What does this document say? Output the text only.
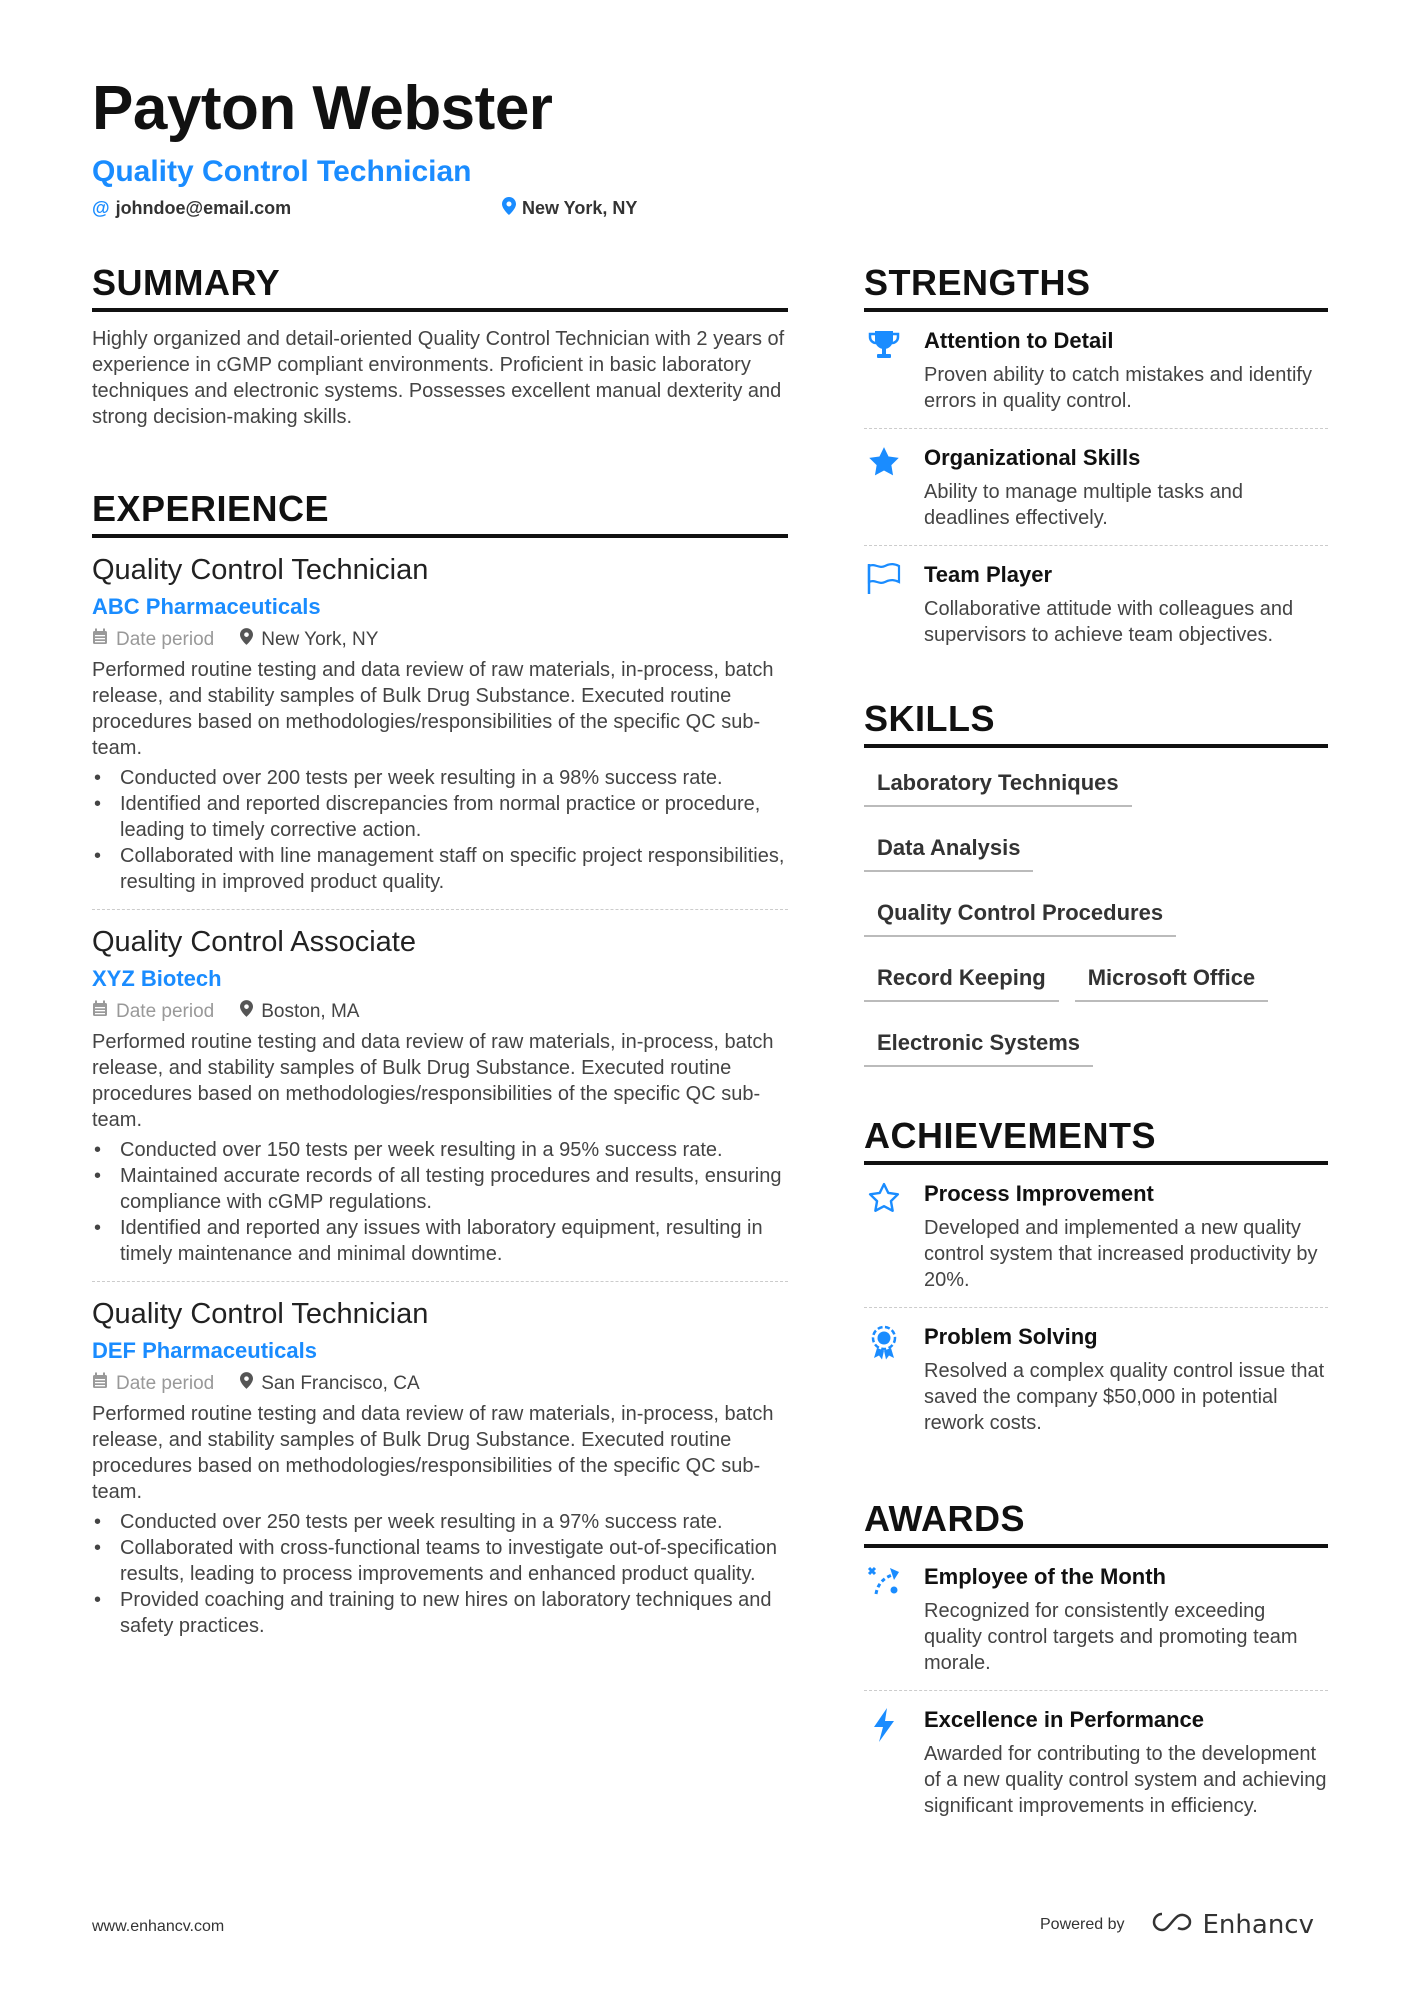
Payton Webster
Quality Control Technician
@ johndoe@email.com	New York, NY
SUMMARY
Highly organized and detail-oriented Quality Control Technician with 2 years of experience in cGMP compliant environments. Proficient in basic laboratory techniques and electronic systems. Possesses excellent manual dexterity and strong decision-making skills.
EXPERIENCE
Quality Control Technician
ABC Pharmaceuticals
Date period New York, NY
Performed routine testing and data review of raw materials, in-process, batch release, and stability samples of Bulk Drug Substance. Executed routine procedures based on methodologies/responsibilities of the specific QC sub-team.
• Conducted over 200 tests per week resulting in a 98% success rate.
• Identified and reported discrepancies from normal practice or procedure, leading to timely corrective action.
• Collaborated with line management staff on specific project responsibilities, resulting in improved product quality.
Quality Control Associate
XYZ Biotech
Date period Boston, MA
Performed routine testing and data review of raw materials, in-process, batch release, and stability samples of Bulk Drug Substance. Executed routine procedures based on methodologies/responsibilities of the specific QC sub-team.
• Conducted over 150 tests per week resulting in a 95% success rate.
• Maintained accurate records of all testing procedures and results, ensuring compliance with cGMP regulations.
• Identified and reported any issues with laboratory equipment, resulting in timely maintenance and minimal downtime.
Quality Control Technician
DEF Pharmaceuticals
Date period San Francisco, CA
Performed routine testing and data review of raw materials, in-process, batch release, and stability samples of Bulk Drug Substance. Executed routine procedures based on methodologies/responsibilities of the specific QC sub-team.
• Conducted over 250 tests per week resulting in a 97% success rate.
• Collaborated with cross-functional teams to investigate out-of-specification results, leading to process improvements and enhanced product quality.
• Provided coaching and training to new hires on laboratory techniques and safety practices.
STRENGTHS
Attention to Detail
Proven ability to catch mistakes and identify errors in quality control.
Organizational Skills
Ability to manage multiple tasks and deadlines effectively.
Team Player
Collaborative attitude with colleagues and supervisors to achieve team objectives.
SKILLS
Laboratory Techniques
Data Analysis
Quality Control Procedures
Record Keeping	Microsoft Office
Electronic Systems
ACHIEVEMENTS
Process Improvement
Developed and implemented a new quality control system that increased productivity by 20%.
Problem Solving
Resolved a complex quality control issue that saved the company $50,000 in potential rework costs.
AWARDS
Employee of the Month
Recognized for consistently exceeding quality control targets and promoting team morale.
Excellence in Performance
Awarded for contributing to the development of a new quality control system and achieving significant improvements in efficiency.
www.enhancv.com	Powered by	Enhancv
